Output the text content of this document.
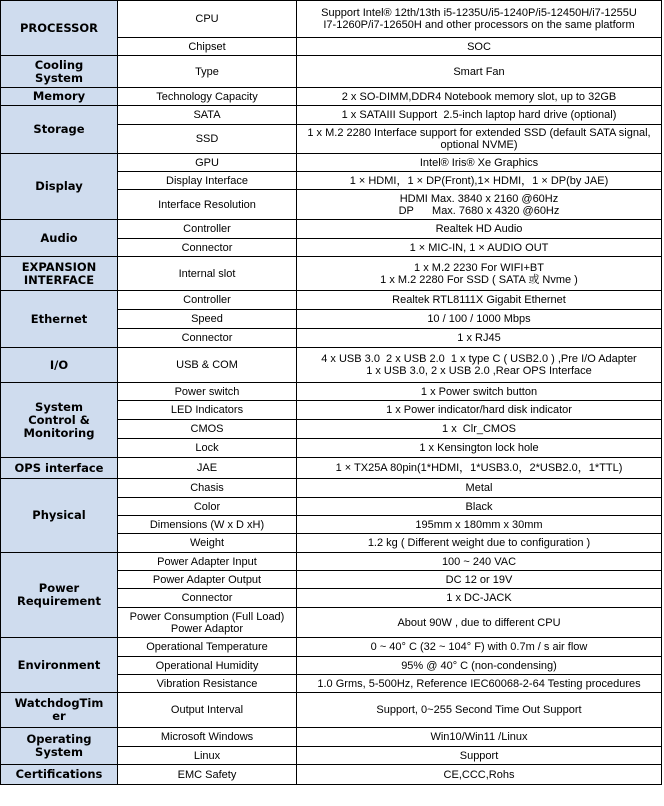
PROCESSOR	CPU	Support Intel® 12th/13th i5-1235U/i5-1240P/i5-12450H/i7-1255U
I7-1260P/i7-12650H and other processors on the same platform
	Chipset	SOC
Cooling
System	Type	Smart Fan
Memory	Technology Capacity	2 x SO-DIMM,DDR4 Notebook memory slot, up to 32GB
Storage	SATA	1 x SATAIII Support  2.5-inch laptop hard drive (optional)
	SSD	1 x M.2 2280 Interface support for extended SSD (default SATA signal,
optional NVME)
Display	GPU	Intel® Iris® Xe Graphics
	Display Interface	1 × HDMI，1 × DP(Front),1× HDMI，1 × DP(by JAE)
	Interface Resolution	HDMI Max. 3840 x 2160 @60Hz
DP      Max. 7680 x 4320 @60Hz
Audio	Controller	Realtek HD Audio
	Connector	1 × MIC-IN, 1 × AUDIO OUT
EXPANSION
INTERFACE	Internal slot	1 x M.2 2230 For WIFI+BT
1 x M.2 2280 For SSD ( SATA 或 Nvme )
Ethernet	Controller	Realtek RTL8111X Gigabit Ethernet
	Speed	10 / 100 / 1000 Mbps
	Connector	1 x RJ45
I/O	USB & COM	4 x USB 3.0  2 x USB 2.0  1 x type C ( USB2.0 ) ,Pre I/O Adapter
1 x USB 3.0, 2 x USB 2.0 ,Rear OPS Interface
System
Control &
Monitoring	Power switch	1 x Power switch button
	LED Indicators	1 x Power indicator/hard disk indicator
	CMOS	1 x  Clr_CMOS
	Lock	1 x Kensington lock hole
OPS interface	JAE	1 × TX25A 80pin(1*HDMI，1*USB3.0，2*USB2.0，1*TTL)
Physical	Chasis	Metal
	Color	Black
	Dimensions (W x D xH)	195mm x 180mm x 30mm
	Weight	1.2 kg ( Different weight due to configuration )
Power
Requirement	Power Adapter Input	100 ~ 240 VAC
	Power Adapter Output	DC 12 or 19V
	Connector	1 x DC-JACK
	Power Consumption (Full Load)
Power Adaptor	About 90W , due to different CPU
Environment	Operational Temperature	0 ~ 40° C (32 ~ 104° F) with 0.7m / s air flow
	Operational Humidity	95% @ 40° C (non-condensing)
	Vibration Resistance	1.0 Grms, 5-500Hz, Reference IEC60068-2-64 Testing procedures
WatchdogTim
er	Output Interval	Support, 0~255 Second Time Out Support
Operating
System	Microsoft Windows	Win10/Win11 /Linux
	Linux	Support
Certifications	EMC Safety	CE,CCC,Rohs
